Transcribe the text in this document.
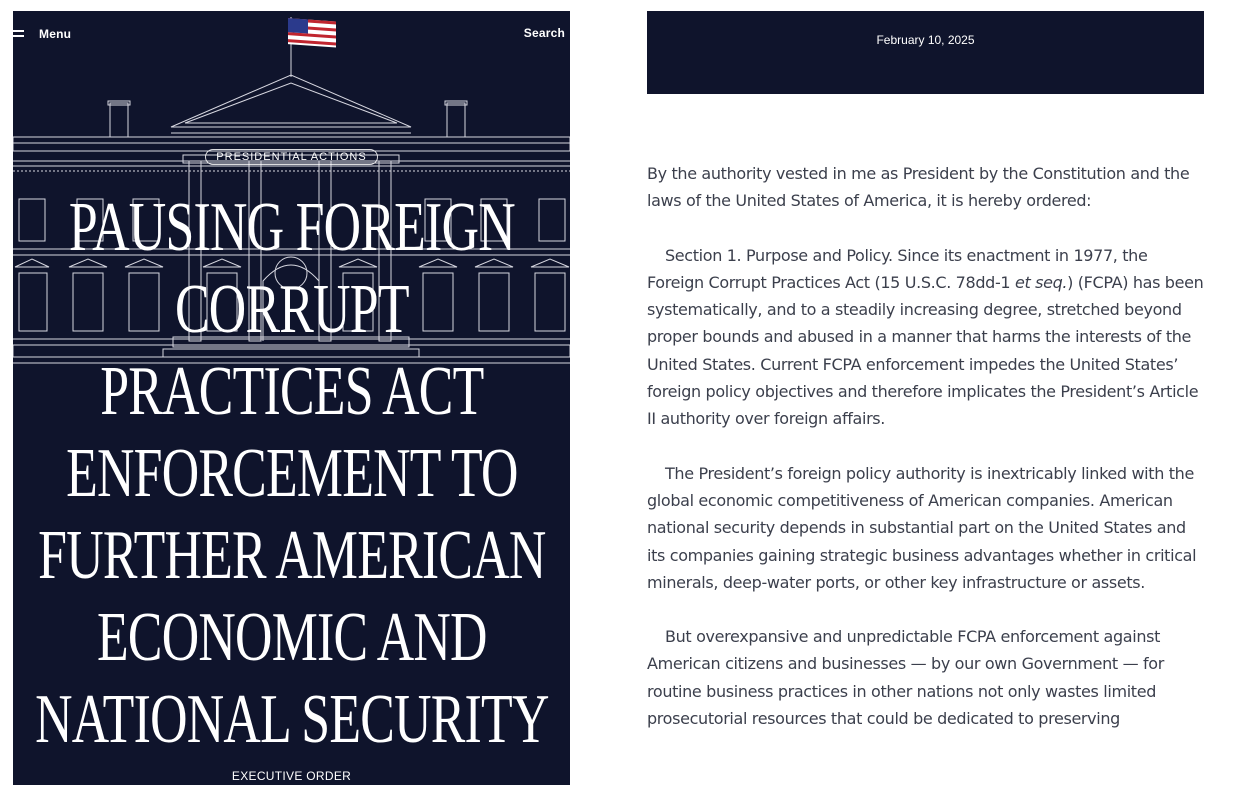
Menu	Search
PRESIDENTIAL ACTIONS
PAUSING FOREIGN
CORRUPT
PRACTICES ACT
ENFORCEMENT TO
FURTHER AMERICAN
ECONOMIC AND
NATIONAL SECURITY
EXECUTIVE ORDER
February 10, 2025

By the authority vested in me as President by the Constitution and the laws of the United States of America, it is hereby ordered:

Section 1. Purpose and Policy. Since its enactment in 1977, the Foreign Corrupt Practices Act (15 U.S.C. 78dd-1 et seq.) (FCPA) has been systematically, and to a steadily increasing degree, stretched beyond proper bounds and abused in a manner that harms the interests of the United States. Current FCPA enforcement impedes the United States’ foreign policy objectives and therefore implicates the President’s Article II authority over foreign affairs.

The President’s foreign policy authority is inextricably linked with the global economic competitiveness of American companies. American national security depends in substantial part on the United States and its companies gaining strategic business advantages whether in critical minerals, deep-water ports, or other key infrastructure or assets.

But overexpansive and unpredictable FCPA enforcement against American citizens and businesses — by our own Government — for routine business practices in other nations not only wastes limited prosecutorial resources that could be dedicated to preserving
